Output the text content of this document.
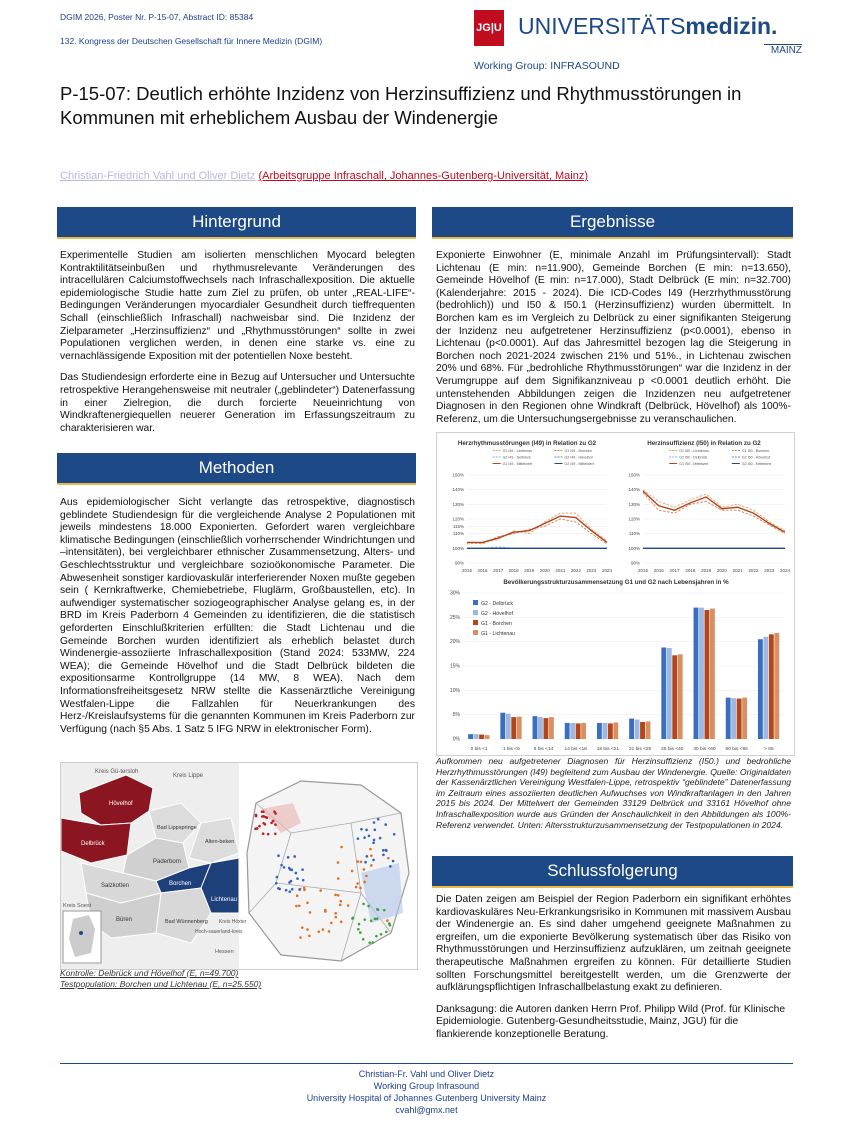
DGIM 2026, Poster Nr. P-15-07, Abstract ID: 85384
132. Kongress der Deutschen Gesellschaft für Innere Medizin (DGIM)
JG|U UNIVERSITÄTSmedizin.
MAINZ
Working Group: INFRASOUND
P-15-07: Deutlich erhöhte Inzidenz von Herzinsuffizienz und Rhythmusstörungen in Kommunen mit erheblichem Ausbau der Windenergie
Christian-Friedrich Vahl und Oliver Dietz (Arbeitsgruppe Infraschall, Johannes-Gutenberg-Universität, Mainz)
Hintergrund

Experimentelle Studien am isolierten menschlichen Myocard belegten Kontraktilitätseinbußen und rhythmusrelevante Veränderungen des intracellulären Calciumstoffwechsels nach Infraschallexposition. Die aktuelle epidemiologische Studie hatte zum Ziel zu prüfen, ob unter „REAL-LIFE“-Bedingungen Veränderungen myocardialer Gesundheit durch tieffrequenten Schall (einschließlich Infraschall) nachweisbar sind. Die Inzidenz der Zielparameter „Herzinsuffizienz“ und „Rhythmusstörungen“ sollte in zwei Populationen verglichen werden, in denen eine starke vs. eine zu vernachlässigende Exposition mit der potentiellen Noxe besteht.

Das Studiendesign erforderte eine in Bezug auf Untersucher und Untersuchte retrospektive Herangehensweise mit neutraler („geblindeter“) Datenerfassung in einer Zielregion, die durch forcierte Neueinrichtung von Windkraftenergiequellen neuerer Generation im Erfassungszeitraum zu charakterisieren war.

Methoden

Aus epidemiologischer Sicht verlangte das retrospektive, diagnostisch geblindete Studiendesign für die vergleichende Analyse 2 Populationen mit jeweils mindestens 18.000 Exponierten. Gefordert waren vergleichbare klimatische Bedingungen (einschließlich vorherrschender Windrichtungen und –intensitäten), bei vergleichbarer ethnischer Zusammensetzung, Alters- und Geschlechtsstruktur und vergleichbare sozioökonomische Parameter. Die Abwesenheit sonstiger kardiovaskulär interferierender Noxen mußte gegeben sein ( Kernkraftwerke, Chemiebetriebe, Fluglärm, Großbaustellen, etc). In aufwendiger systematischer soziogeographischer Analyse gelang es, in der BRD im Kreis Paderborn 4 Gemeinden zu identifizieren, die die statistisch geforderten Einschlußkriterien erfüllten: die Stadt Lichtenau und die Gemeinde Borchen wurden identifiziert als erheblich belastet durch Windenergie-assoziierte Infraschallexposition (Stand 2024: 533MW, 224 WEA); die Gemeinde Hövelhof und die Stadt Delbrück bildeten die expositionsarme Kontrollgruppe (14 MW, 8 WEA). Nach dem Informationsfreiheitsgesetz NRW stellte die Kassenärztliche Vereinigung Westfalen-Lippe die Fallzahlen für Neuerkrankungen des Herz-/Kreislaufsystems für die genannten Kommunen im Kreis Paderborn zur Verfügung (nach §5 Abs. 1 Satz 5 IFG NRW in elektronischer Form).

Kreis Gü-tersloh
Kreis Lippe
Hövelhof
Bad Lippspringe
Delbrück
Paderborn
Alten-beken
Salzkotten	Borchen
Lichtenau
Kreis Soest
Büren	Bad Wünnenberg
Hoch-sauerland-kreis
Kreis Höxter
Hessen
Kontrolle: Delbrück und Hövelhof (E, n=49.700)
Testpopulation: Borchen und Lichtenau (E, n=25.550)
Ergebnisse

Exponierte Einwohner (E, minimale Anzahl im Prüfungsintervall): Stadt Lichtenau (E min: n=11.900), Gemeinde Borchen (E min: n=13.650), Gemeinde Hövelhof (E min: n=17.000), Stadt Delbrück (E min: n=32.700) (Kalenderjahre: 2015 - 2024). Die ICD-Codes I49 (Herzrhythmusstörung (bedrohlich)) und I50 & I50.1 (Herzinsuffizienz) wurden übermittelt. In Borchen kam es im Vergleich zu Delbrück zu einer signifikanten Steigerung der Inzidenz neu aufgetretener Herzinsuffizienz (p<0.0001), ebenso in Lichtenau (p<0.0001). Auf das Jahresmittel bezogen lag die Steigerung in Borchen noch 2021-2024 zwischen 21% und 51%., in Lichtenau zwischen 20% und 68%. Für „bedrohliche Rhythmusstörungen“ war die Inzidenz in der Verumgruppe auf dem Signifikanzniveau p <0.0001 deutlich erhöht. Die untenstehenden Abbildungen zeigen die Inzidenzen neu aufgetretener Diagnosen in den Regionen ohne Windkraft (Delbrück, Hövelhof) als 100%-Referenz, um die Untersuchungsergebnisse zu veranschaulichen.

Herzrhythmusstörungen (I49) in Relation zu G2
G1 I49 - Lichtenau	G1 I49 - Borchen
G2 I49 - Delbrück	G2 I49 - Hövelhof
G1 I49 - Mittelwert	G2 I49 - Mittelwert
90%
100%
110%
115%
120%
130%
140%
150%
2015 2016 2017 2018 2019 2020 2021 2022 2023 2024
Herzinsuffizienz (I50) in Relation zu G2
G1 I50 - Lichtenau	G1 I50 - Borchen
G2 I50 - Delbrück	G2 I50 - Hövelhof
G1 I50 - Mittelwert	G2 I50 - Mittelwert
90%
100%
110%
120%
130%
140%
150%
2015 2016 2017 2018 2019 2020 2021 2022 2023 2024
Bevölkerungsstrukturzusammensetzung G1 und G2 nach Lebensjahren in %
0%
5%
10%
15%
20%
25%
30%
0 bis <1	1 bis <6	6 bis <14 14 bis <18 18 bis <21 21 bis <25 25 bis <40 40 bis <60 60 bis <65	> 65
G2 - Delbrück
G2 - Hövelhof
G1 - Borchen
G1 - Lichtenau
Aufkommen neu aufgetretener Diagnosen für Herzinsuffizienz (I50.) und bedrohliche Herzrhythmusstörungen (I49) begleitend zum Ausbau der Windenergie. Quelle: Originaldaten der Kassenärztlichen Vereinigung Westfalen-Lippe, retrospektiv “geblindete” Datenerfassung im Zeitraum eines assoziierten deutlichen Aufwuchses von Windkraftanlagen in den Jahren 2015 bis 2024. Der Mittelwert der Gemeinden 33129 Delbrück und 33161 Hövelhof ohne Infraschallexposition wurde aus Gründen der Anschaulichkeit in den Abbildungen als 100%-Referenz verwendet. Unten: Altersstrukturzusammensetzung der Testpopulationen in 2024.
Schlussfolgerung

Die Daten zeigen am Beispiel der Region Paderborn ein signifikant erhöhtes kardiovaskuläres Neu-Erkrankungsrisiko in Kommunen mit massivem Ausbau der Windenergie an. Es sind daher umgehend geeignete Maßnahmen zu ergreifen, um die exponierte Bevölkerung systematisch über das Risiko von Rhythmusstörungen und Herzinsuffizienz aufzuklären, um zeitnah geeignete therapeutische Maßnahmen ergreifen zu können. Für detaillierte Studien sollten Forschungsmittel bereitgestellt werden, um die Grenzwerte der aufklärungspflichtigen Infraschallbelastung exakt zu definieren.

Danksagung: die Autoren danken Herrn Prof. Philipp Wild (Prof. für Klinische Epidemiologie. Gutenberg-Gesundheitsstudie, Mainz, JGU) für die flankierende konzeptionelle Beratung.

Christian-Fr. Vahl und Oliver Dietz
Working Group Infrasound
University Hospital of Johannes Gutenberg University Mainz
cvahl@gmx.net
